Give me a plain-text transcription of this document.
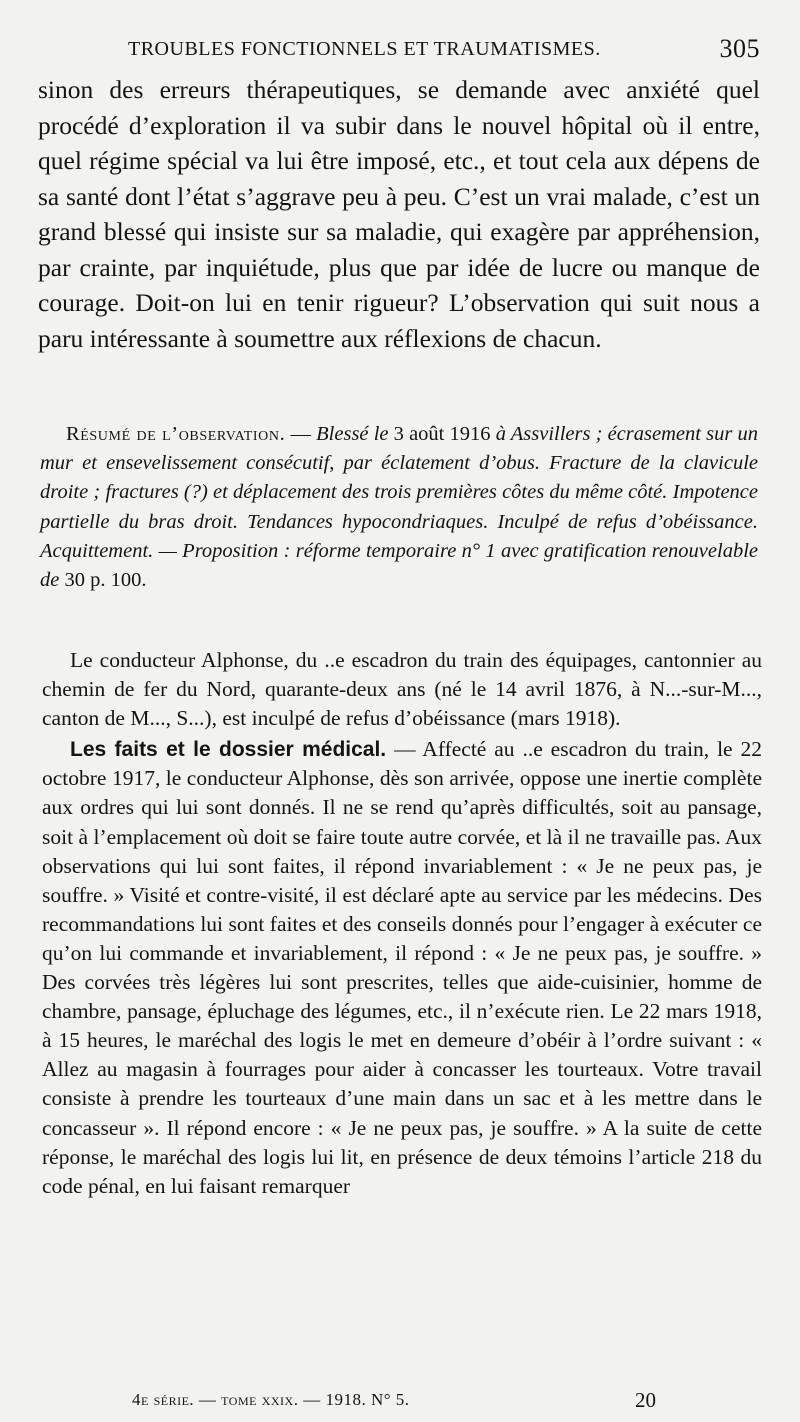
TROUBLES FONCTIONNELS ET TRAUMATISMES.	305
sinon des erreurs thérapeutiques, se demande avec anxiété quel procédé d’exploration il va subir dans le nouvel hôpital où il entre, quel régime spécial va lui être imposé, etc., et tout cela aux dépens de sa santé dont l’état s’aggrave peu à peu. C’est un vrai malade, c’est un grand blessé qui insiste sur sa maladie, qui exagère par appréhension, par crainte, par inquiétude, plus que par idée de lucre ou manque de courage. Doit-on lui en tenir rigueur? L’observation qui suit nous a paru intéressante à soumettre aux réflexions de chacun.
Résumé de l’observation. — Blessé le 3 août 1916 à Assvillers ; écrasement sur un mur et ensevelissement consécutif, par éclatement d’obus. Fracture de la clavicule droite ; fractures (?) et déplacement des trois premières côtes du même côté. Impotence partielle du bras droit. Tendances hypocondriaques. Inculpé de refus d’obéissance. Acquittement. — Proposition : réforme temporaire n° 1 avec gratification renouvelable de 30 p. 100.

Le conducteur Alphonse, du ..e escadron du train des équipages, cantonnier au chemin de fer du Nord, quarante-deux ans (né le 14 avril 1876, à N...-sur-M..., canton de M..., S...), est inculpé de refus d’obéissance (mars 1918).

Les faits et le dossier médical. — Affecté au ..e escadron du train, le 22 octobre 1917, le conducteur Alphonse, dès son arrivée, oppose une inertie complète aux ordres qui lui sont donnés. Il ne se rend qu’après difficultés, soit au pansage, soit à l’emplacement où doit se faire toute autre corvée, et là il ne travaille pas. Aux observations qui lui sont faites, il répond invariablement : « Je ne peux pas, je souffre. » Visité et contre-visité, il est déclaré apte au service par les médecins. Des recommandations lui sont faites et des conseils donnés pour l’engager à exécuter ce qu’on lui commande et invariablement, il répond : « Je ne peux pas, je souffre. » Des corvées très légères lui sont prescrites, telles que aide-cuisinier, homme de chambre, pansage, épluchage des légumes, etc., il n’exécute rien. Le 22 mars 1918, à 15 heures, le maréchal des logis le met en demeure d’obéir à l’ordre suivant : « Allez au magasin à fourrages pour aider à concasser les tourteaux. Votre travail consiste à prendre les tourteaux d’une main dans un sac et à les mettre dans le concasseur ». Il répond encore : « Je ne peux pas, je souffre. » A la suite de cette réponse, le maréchal des logis lui lit, en présence de deux témoins l’article 218 du code pénal, en lui faisant remarquer

4e série. — tome xxix. — 1918. N° 5.	20
